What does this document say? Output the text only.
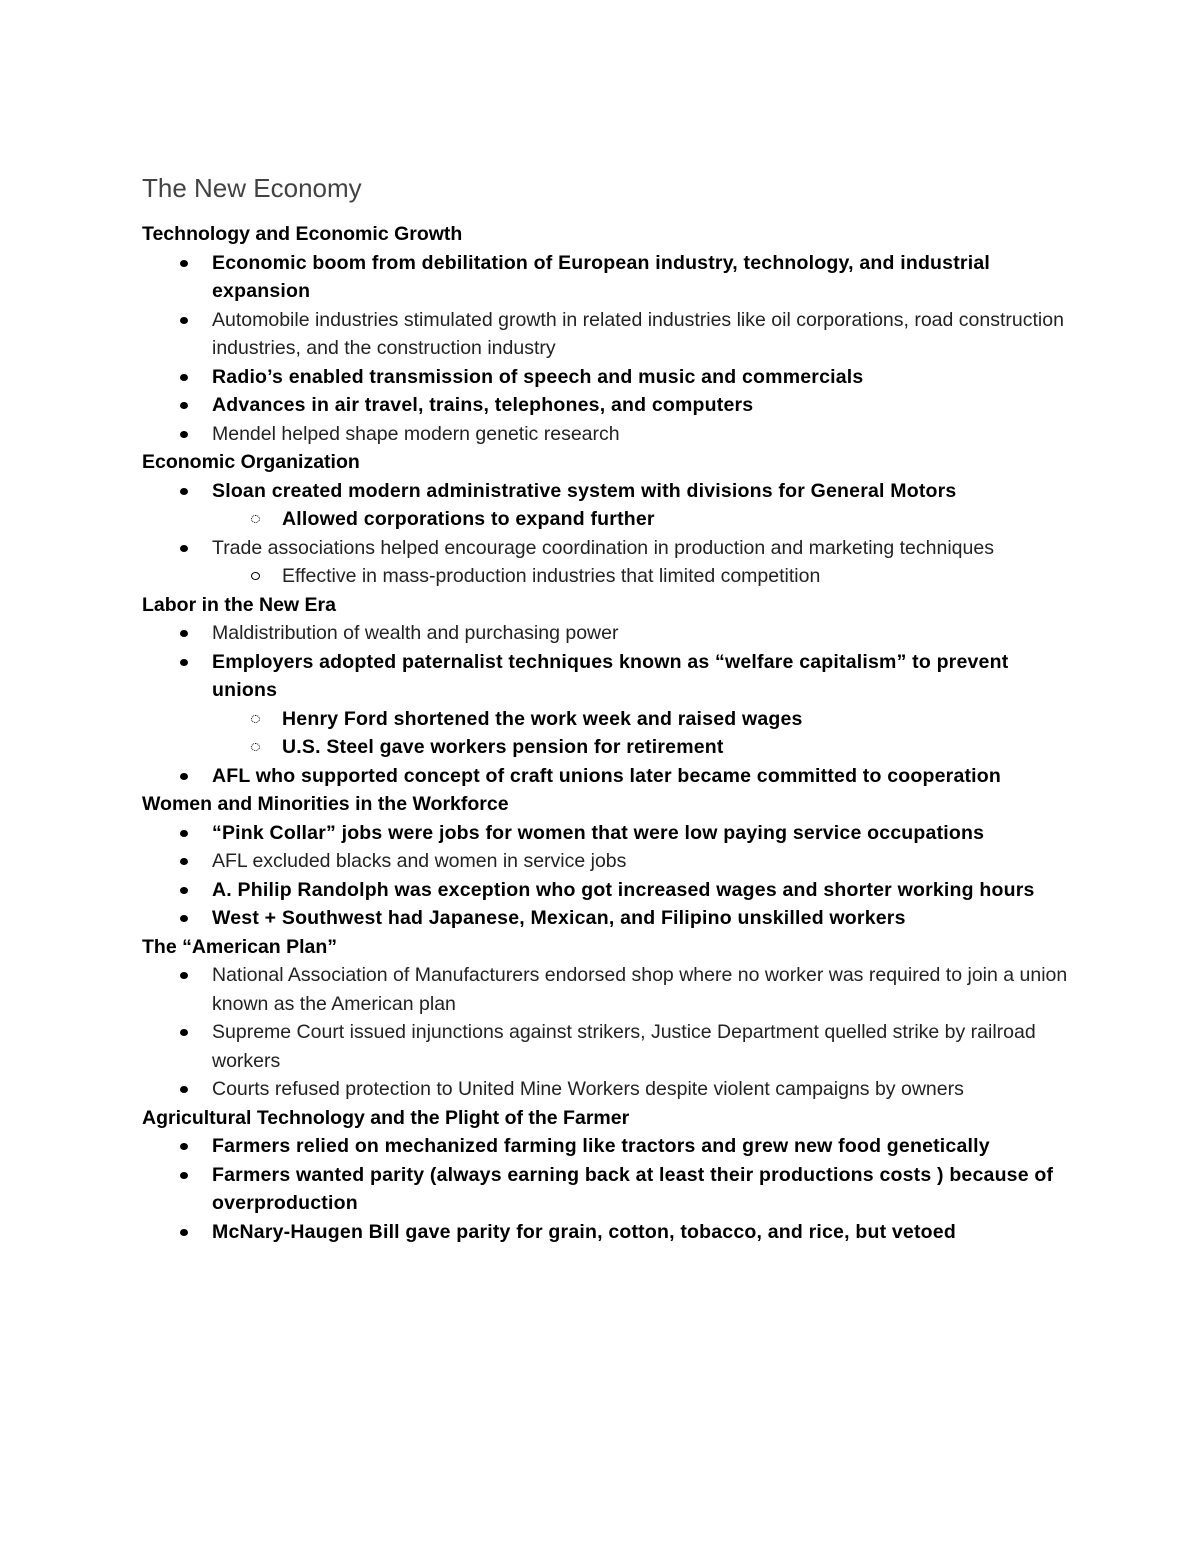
The New Economy
Technology and Economic Growth
Economic boom from debilitation of European industry, technology, and industrial expansion
Automobile industries stimulated growth in related industries like oil corporations, road construction industries, and the construction industry
Radio’s enabled transmission of speech and music and commercials
Advances in air travel, trains, telephones, and computers
Mendel helped shape modern genetic research
Economic Organization
Sloan created modern administrative system with divisions for General Motors
Allowed corporations to expand further
Trade associations helped encourage coordination in production and marketing techniques
Effective in mass-production industries that limited competition
Labor in the New Era
Maldistribution of wealth and purchasing power
Employers adopted paternalist techniques known as “welfare capitalism” to prevent unions
Henry Ford shortened the work week and raised wages
U.S. Steel gave workers pension for retirement
AFL who supported concept of craft unions later became committed to cooperation
Women and Minorities in the Workforce
“Pink Collar” jobs were jobs for women that were low paying service occupations
AFL excluded blacks and women in service jobs
A. Philip Randolph was exception who got increased wages and shorter working hours
West + Southwest had Japanese, Mexican, and Filipino unskilled workers
The “American Plan”
National Association of Manufacturers endorsed shop where no worker was required to join a union known as the American plan
Supreme Court issued injunctions against strikers, Justice Department quelled strike by railroad workers
Courts refused protection to United Mine Workers despite violent campaigns by owners
Agricultural Technology and the Plight of the Farmer
Farmers relied on mechanized farming like tractors and grew new food genetically
Farmers wanted parity (always earning back at least their productions costs ) because of overproduction
McNary-Haugen Bill gave parity for grain, cotton, tobacco, and rice, but vetoed
